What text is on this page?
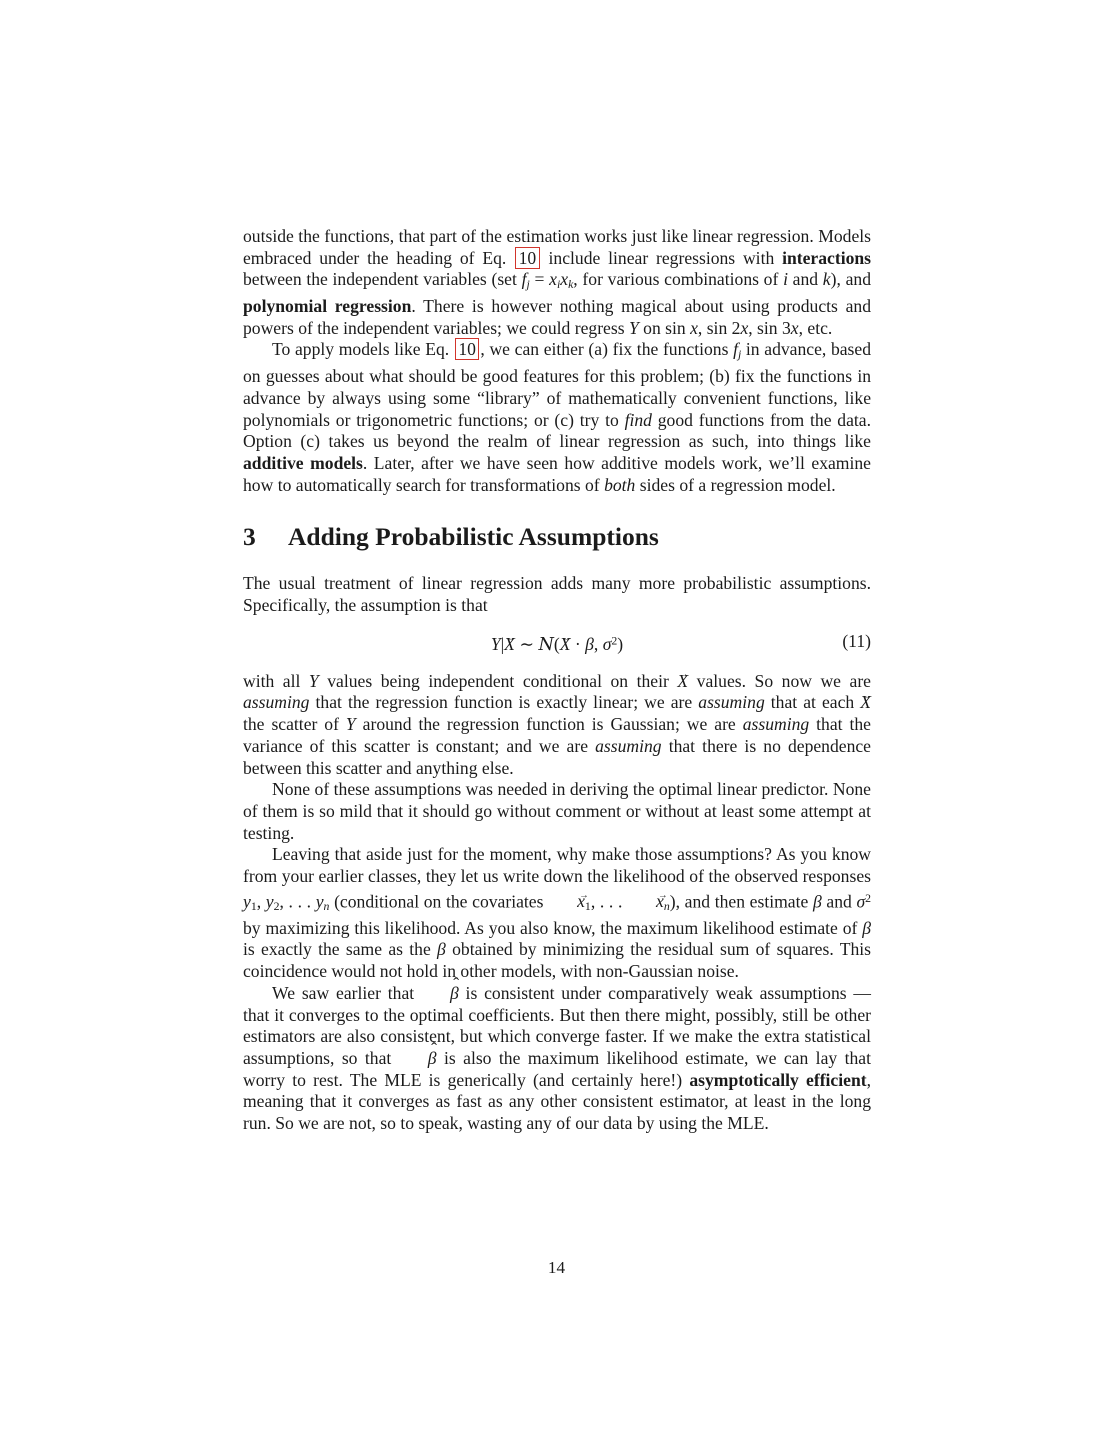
outside the functions, that part of the estimation works just like linear regression. Models embraced under the heading of Eq. 10 include linear regressions with interactions between the independent variables (set fj = xixk, for various combinations of i and k), and polynomial regression. There is however nothing magical about using products and powers of the independent variables; we could regress Y on sin x, sin 2x, sin 3x, etc.

To apply models like Eq. 10 , we can either (a) fix the functions fj in advance, based on guesses about what should be good features for this problem; (b) fix the functions in advance by always using some “library” of mathematically convenient functions, like polynomials or trigonometric functions; or (c) try to find good functions from the data. Option (c) takes us beyond the realm of linear regression as such, into things like additive models. Later, after we have seen how additive models work, we’ll examine how to automatically search for transformations of both sides of a regression model.

3 Adding Probabilistic Assumptions

The usual treatment of linear regression adds many more probabilistic assumptions. Specifically, the assumption is that

Y|X → ∼ N(X → · β, $\sigma^2$)	(11)

with all Y values being independent conditional on their X → values. So now we are assuming that the regression function is exactly linear; we are assuming that at each X → the scatter of Y around the regression function is Gaussian; we are assuming that the variance of this scatter is constant; and we are assuming that there is no dependence between this scatter and anything else.

None of these assumptions was needed in deriving the optimal linear predictor. None of them is so mild that it should go without comment or without at least some attempt at testing.

Leaving that aside just for the moment, why make those assumptions? As you know from your earlier classes, they let us write down the likelihood of the observed responses y1, y2, . . . yn (conditional on the covariates x →1, . . . x →n), and then estimate β and $\sigma^2$ by maximizing this likelihood. As you also know, the maximum likelihood estimate of β is exactly the same as the β obtained by minimizing the residual sum of squares. This coincidence would not hold in other models, with non-Gaussian noise.

We saw earlier that β ˆ is consistent under comparatively weak assumptions — that it converges to the optimal coefficients. But then there might, possibly, still be other estimators are also consistent, but which converge faster. If we make the extra statistical assumptions, so that β ˆ is also the maximum likelihood estimate, we can lay that worry to rest. The MLE is generically (and certainly here!) asymptotically efficient, meaning that it converges as fast as any other consistent estimator, at least in the long run. So we are not, so to speak, wasting any of our data by using the MLE.

14
